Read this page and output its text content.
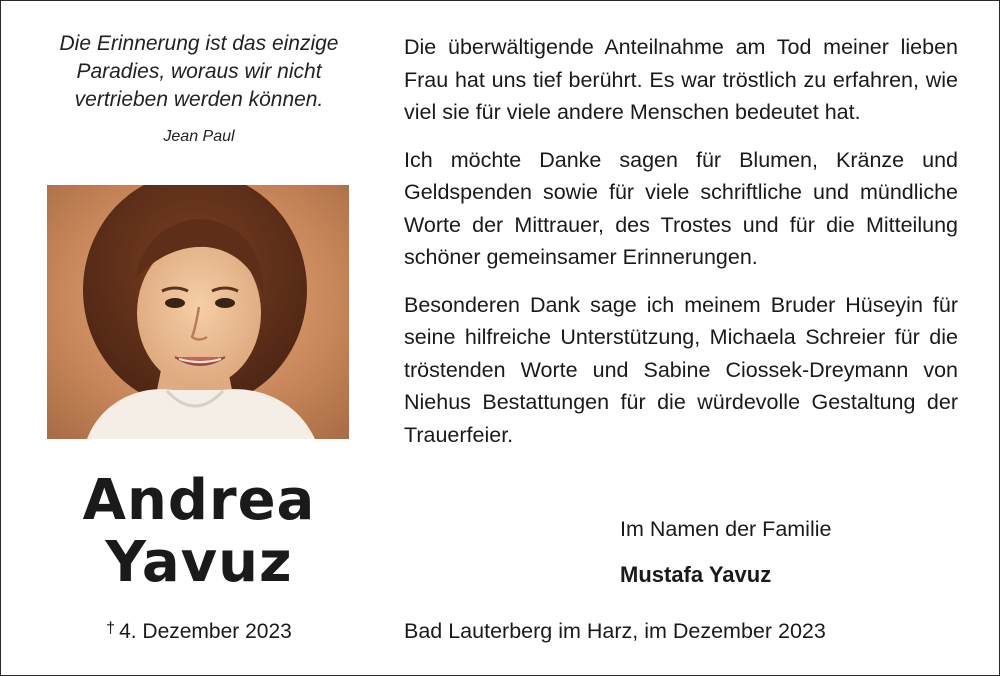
Die Erinnerung ist das einzige
Paradies, woraus wir nicht
vertrieben werden können.
Jean Paul
Andrea
Yavuz
† 4. Dezember 2023

Die überwältigende Anteilnahme am Tod meiner lieben Frau hat uns tief berührt. Es war tröstlich zu erfahren, wie viel sie für viele andere Menschen bedeutet hat.

Ich möchte Danke sagen für Blumen, Kränze und Geldspenden sowie für viele schriftliche und mündliche Worte der Mittrauer, des Trostes und für die Mitteilung schöner gemeinsamer Erinnerungen.

Besonderen Dank sage ich meinem Bruder Hüseyin für seine hilfreiche Unterstützung, Michaela Schreier für die tröstenden Worte und Sabine Ciossek-Dreymann von Niehus Bestattungen für die würdevolle Gestaltung der Trauerfeier.

Im Namen der Familie
Mustafa Yavuz
Bad Lauterberg im Harz, im Dezember 2023
